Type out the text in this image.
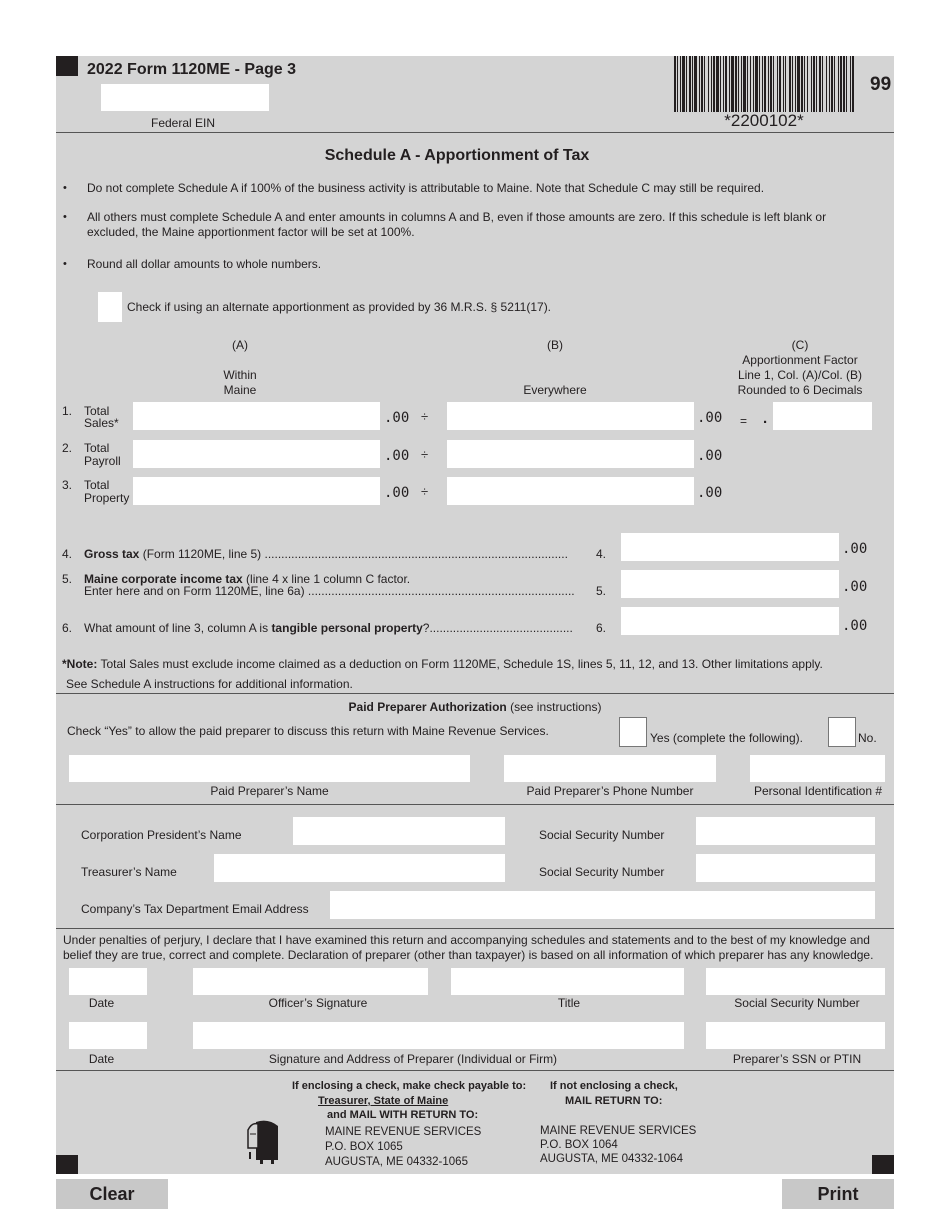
2022 Form 1120ME - Page 3
Federal EIN	*2200102*
99
Schedule A - Apportionment of Tax
• Do not complete Schedule A if 100% of the business activity is attributable to Maine. Note that Schedule C may still be required.
• All others must complete Schedule A and enter amounts in columns A and B, even if those amounts are zero. If this schedule is left blank or
excluded, the Maine apportionment factor will be set at 100%.
• Round all dollar amounts to whole numbers.
Check if using an alternate apportionment as provided by 36 M.R.S. § 5211(17).
(A)
Within
Maine
(B)
Everywhere
(C)
Apportionment Factor
Line 1, Col. (A)/Col. (B)
Rounded to 6 Decimals
1. Total
Sales*	.00 ÷	.00 = .
2. Total
Payroll	.00 ÷	.00
3. Total
Property	.00 ÷	.00
4. Gross tax (Form 1120ME, line 5) ........................................................................................... 4.	.00
5. Maine corporate income tax (line 4 x line 1 column C factor.
Enter here and on Form 1120ME, line 6a) ................................................................................	5.	.00
6. What amount of line 3, column A is tangible personal property?...........................................	6.	.00
*Note: Total Sales must exclude income claimed as a deduction on Form 1120ME, Schedule 1S, lines 5, 11, 12, and 13. Other limitations apply.
See Schedule A instructions for additional information.
Paid Preparer Authorization (see instructions)
Check “Yes” to allow the paid preparer to discuss this return with Maine Revenue Services.	Yes (complete the following).	No.
Paid Preparer’s Name	Paid Preparer’s Phone Number	Personal Identification #
Corporation President’s Name	Social Security Number
Treasurer’s Name	Social Security Number
Company’s Tax Department Email Address
Under penalties of perjury, I declare that I have examined this return and accompanying schedules and statements and to the best of my knowledge and
belief they are true, correct and complete. Declaration of preparer (other than taxpayer) is based on all information of which preparer has any knowledge.
Date	Officer’s Signature	Title	Social Security Number
Date	Signature and Address of Preparer (Individual or Firm)	Preparer’s SSN or PTIN
If enclosing a check, make check payable to:
Treasurer, State of Maine
and MAIL WITH RETURN TO:
MAINE REVENUE SERVICES
P.O. BOX 1065
AUGUSTA, ME 04332-1065
If not enclosing a check,
MAIL RETURN TO:
MAINE REVENUE SERVICES
P.O. BOX 1064
AUGUSTA, ME 04332-1064
Clear	Print
